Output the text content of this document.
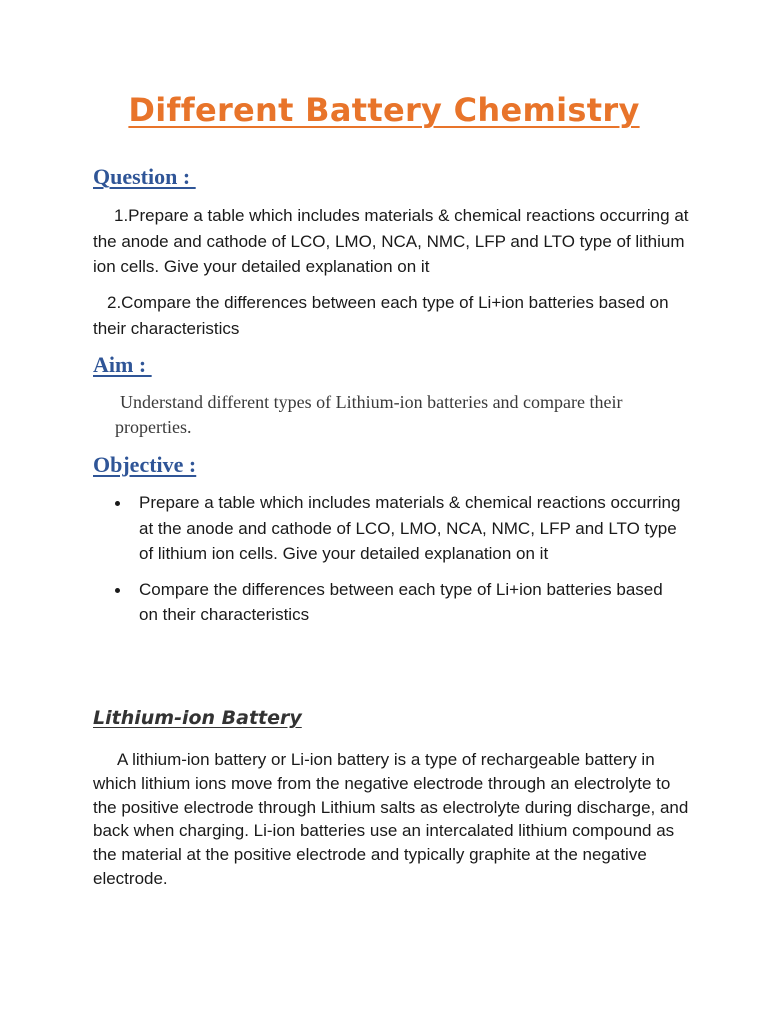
Different Battery Chemistry
Question :
1.Prepare a table which includes materials & chemical reactions occurring at the anode and cathode of LCO, LMO, NCA, NMC, LFP and LTO type of lithium ion cells. Give your detailed explanation on it
2.Compare the differences between each type of Li+ion batteries based on their characteristics
Aim :
Understand different types of Lithium-ion batteries and compare their properties.
Objective :
Prepare a table which includes materials & chemical reactions occurring at the anode and cathode of LCO, LMO, NCA, NMC, LFP and LTO type of lithium ion cells. Give your detailed explanation on it
Compare the differences between each type of Li+ion batteries based on their characteristics
Lithium-ion Battery
A lithium-ion battery or Li-ion battery is a type of rechargeable battery in which lithium ions move from the negative electrode through an electrolyte to the positive electrode through Lithium salts as electrolyte during discharge, and back when charging. Li-ion batteries use an intercalated lithium compound as the material at the positive electrode and typically graphite at the negative electrode.
